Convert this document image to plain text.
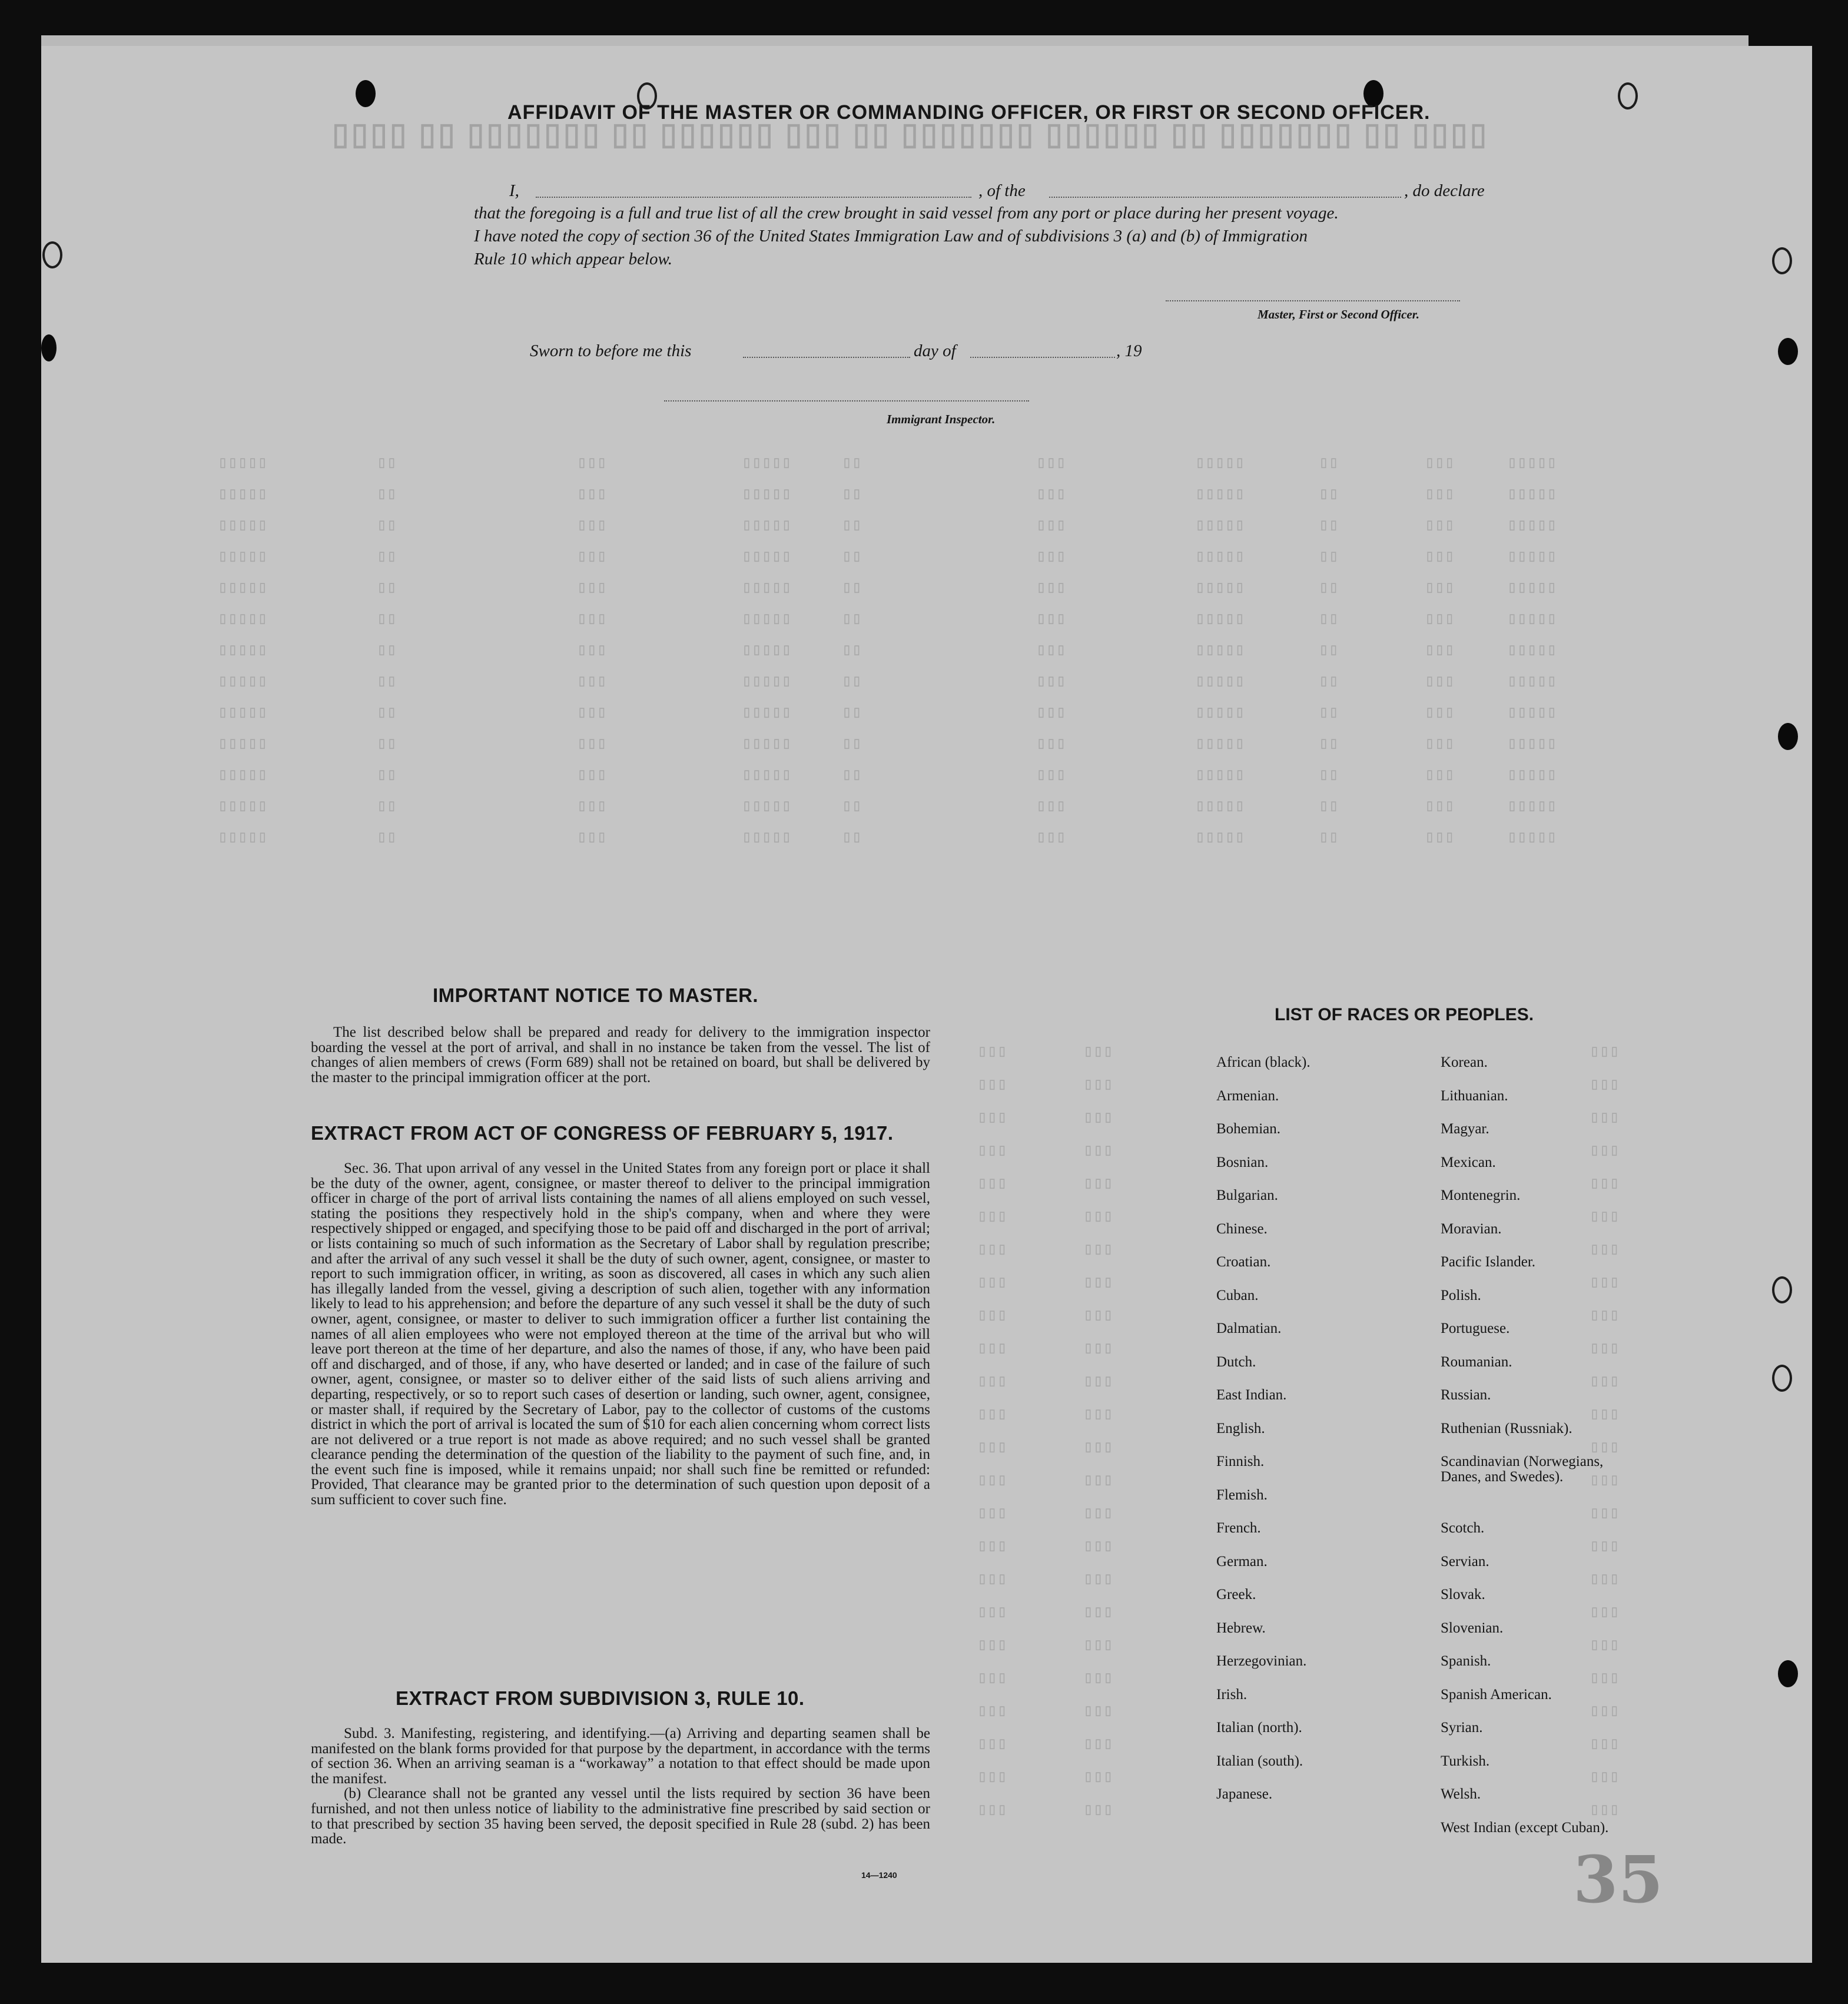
▯▯▯▯ ▯▯ ▯▯▯▯▯▯▯ ▯▯ ▯▯▯▯▯▯ ▯▯▯▯▯▯▯ ▯▯ ▯▯▯ ▯▯▯▯▯▯ ▯▯ ▯▯▯▯▯▯▯ ▯▯ ▯▯▯▯
▯▯▯▯▯	▯▯	▯▯▯	▯▯▯▯▯	▯▯	▯▯▯	▯▯▯▯▯	▯▯	▯▯▯	▯▯▯▯▯
▯▯▯▯▯	▯▯	▯▯▯	▯▯▯▯▯	▯▯	▯▯▯	▯▯▯▯▯	▯▯	▯▯▯	▯▯▯▯▯
▯▯▯▯▯	▯▯	▯▯▯	▯▯▯▯▯	▯▯	▯▯▯	▯▯▯▯▯	▯▯	▯▯▯	▯▯▯▯▯
▯▯▯▯▯	▯▯	▯▯▯	▯▯▯▯▯	▯▯	▯▯▯	▯▯▯▯▯	▯▯	▯▯▯	▯▯▯▯▯
▯▯▯▯▯	▯▯	▯▯▯	▯▯▯▯▯	▯▯	▯▯▯	▯▯▯▯▯	▯▯	▯▯▯	▯▯▯▯▯
▯▯▯▯▯	▯▯	▯▯▯	▯▯▯▯▯	▯▯	▯▯▯	▯▯▯▯▯	▯▯	▯▯▯	▯▯▯▯▯
▯▯▯▯▯	▯▯	▯▯▯	▯▯▯▯▯	▯▯	▯▯▯	▯▯▯▯▯	▯▯	▯▯▯	▯▯▯▯▯
▯▯▯▯▯	▯▯	▯▯▯	▯▯▯▯▯	▯▯	▯▯▯	▯▯▯▯▯	▯▯	▯▯▯	▯▯▯▯▯
▯▯▯▯▯	▯▯	▯▯▯	▯▯▯▯▯	▯▯	▯▯▯	▯▯▯▯▯	▯▯	▯▯▯	▯▯▯▯▯
▯▯▯▯▯	▯▯	▯▯▯	▯▯▯▯▯	▯▯	▯▯▯	▯▯▯▯▯	▯▯	▯▯▯	▯▯▯▯▯
▯▯▯▯▯	▯▯	▯▯▯	▯▯▯▯▯	▯▯	▯▯▯	▯▯▯▯▯	▯▯	▯▯▯	▯▯▯▯▯
▯▯▯▯▯	▯▯	▯▯▯	▯▯▯▯▯	▯▯	▯▯▯	▯▯▯▯▯	▯▯	▯▯▯	▯▯▯▯▯
▯▯▯▯▯	▯▯	▯▯▯	▯▯▯▯▯	▯▯	▯▯▯	▯▯▯▯▯	▯▯	▯▯▯	▯▯▯▯▯
▯▯▯	▯▯▯	▯▯▯
▯▯▯	▯▯▯	▯▯▯
▯▯▯	▯▯▯	▯▯▯
▯▯▯	▯▯▯	▯▯▯
▯▯▯	▯▯▯	▯▯▯
▯▯▯	▯▯▯	▯▯▯
▯▯▯	▯▯▯	▯▯▯
▯▯▯	▯▯▯	▯▯▯
▯▯▯	▯▯▯	▯▯▯
▯▯▯	▯▯▯	▯▯▯
▯▯▯	▯▯▯	▯▯▯
▯▯▯	▯▯▯	▯▯▯
▯▯▯	▯▯▯	▯▯▯
▯▯▯	▯▯▯	▯▯▯
▯▯▯	▯▯▯	▯▯▯
▯▯▯	▯▯▯	▯▯▯
▯▯▯	▯▯▯	▯▯▯
▯▯▯	▯▯▯	▯▯▯
▯▯▯	▯▯▯	▯▯▯
▯▯▯	▯▯▯	▯▯▯
▯▯▯	▯▯▯	▯▯▯
▯▯▯	▯▯▯	▯▯▯
▯▯▯	▯▯▯	▯▯▯
▯▯▯	▯▯▯	▯▯▯
AFFIDAVIT OF THE MASTER OR COMMANDING OFFICER, OR FIRST OR SECOND OFFICER.
I,	, of the	, do declare
that the foregoing is a full and true list of all the crew brought in said vessel from any port or place during her present voyage.
I have noted the copy of section 36 of the United States Immigration Law and of subdivisions 3 (a) and (b) of Immigration
Rule 10 which appear below.
Master, First or Second Officer.
Sworn to before me this	day of	, 19
Immigrant Inspector.
IMPORTANT NOTICE TO MASTER.

The list described below shall be prepared and ready for delivery to the immigration inspector boarding the vessel at the port of arrival, and shall in no instance be taken from the vessel. The list of changes of alien members of crews (Form 689) shall not be retained on board, but shall be delivered by the master to the principal immigration officer at the port.

EXTRACT FROM ACT OF CONGRESS OF FEBRUARY 5, 1917.

Sec. 36. That upon arrival of any vessel in the United States from any foreign port or place it shall be the duty of the owner, agent, consignee, or master thereof to deliver to the principal immigration officer in charge of the port of arrival lists containing the names of all aliens employed on such vessel, stating the positions they respectively hold in the ship's company, when and where they were respectively shipped or engaged, and specifying those to be paid off and discharged in the port of arrival; or lists containing so much of such information as the Secretary of Labor shall by regulation prescribe; and after the arrival of any such vessel it shall be the duty of such owner, agent, consignee, or master to report to such immigration officer, in writing, as soon as discovered, all cases in which any such alien has illegally landed from the vessel, giving a description of such alien, together with any information likely to lead to his apprehension; and before the departure of any such vessel it shall be the duty of such owner, agent, consignee, or master to deliver to such immigration officer a further list containing the names of all alien employees who were not employed thereon at the time of the arrival but who will leave port thereon at the time of her departure, and also the names of those, if any, who have been paid off and discharged, and of those, if any, who have deserted or landed; and in case of the failure of such owner, agent, consignee, or master so to deliver either of the said lists of such aliens arriving and departing, respectively, or so to report such cases of desertion or landing, such owner, agent, consignee, or master shall, if required by the Secretary of Labor, pay to the collector of customs of the customs district in which the port of arrival is located the sum of $10 for each alien concerning whom correct lists are not delivered or a true report is not made as above required; and no such vessel shall be granted clearance pending the determination of the question of the liability to the payment of such fine, and, in the event such fine is imposed, while it remains unpaid; nor shall such fine be remitted or refunded: Provided, That clearance may be granted prior to the determination of such question upon deposit of a sum sufficient to cover such fine.

EXTRACT FROM SUBDIVISION 3, RULE 10.

Subd. 3. Manifesting, registering, and identifying.—(a) Arriving and departing seamen shall be manifested on the blank forms provided for that purpose by the department, in accordance with the terms of section 36. When an arriving seaman is a “workaway” a notation to that effect should be made upon the manifest.

(b) Clearance shall not be granted any vessel until the lists required by section 36 have been furnished, and not then unless notice of liability to the administrative fine prescribed by said section or to that prescribed by section 35 having been served, the deposit specified in Rule 28 (subd. 2) has been made.

14—1240
LIST OF RACES OR PEOPLES.
African (black).
Armenian.
Bohemian.
Bosnian.
Bulgarian.
Chinese.
Croatian.
Cuban.
Dalmatian.
Dutch.
East Indian.
English.
Finnish.
Flemish.
French.
German.
Greek.
Hebrew.
Herzegovinian.
Irish.
Italian (north).
Italian (south).
Japanese.
Korean.
Lithuanian.
Magyar.
Mexican.
Montenegrin.
Moravian.
Pacific Islander.
Polish.
Portuguese.
Roumanian.
Russian.
Ruthenian (Russniak).
Scandinavian (Norwegians,
Danes, and Swedes).
Scotch.
Servian.
Slovak.
Slovenian.
Spanish.
Spanish American.
Syrian.
Turkish.
Welsh.
West Indian (except Cuban).
35
